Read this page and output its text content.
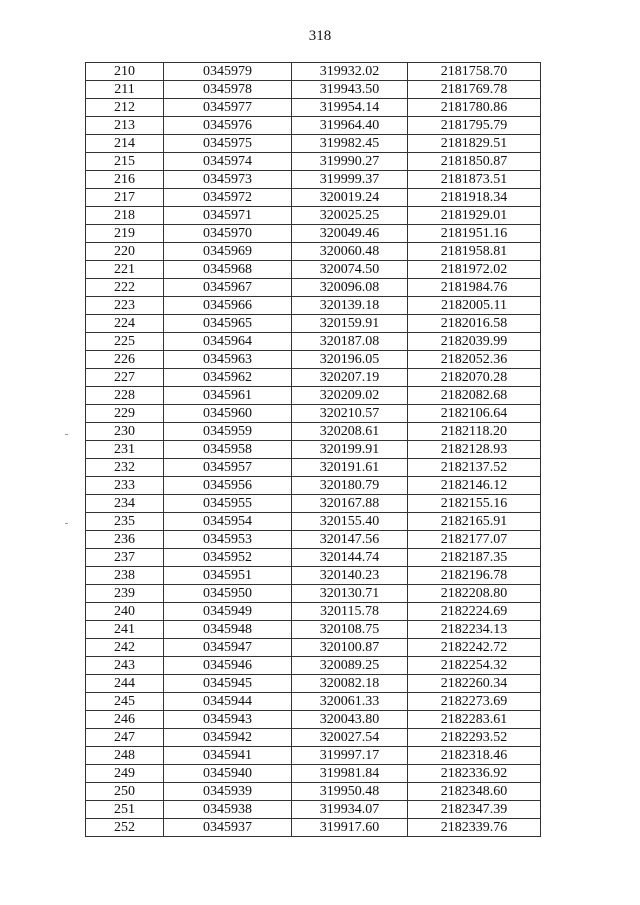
318
210	0345979	319932.02	2181758.70
211	0345978	319943.50	2181769.78
212	0345977	319954.14	2181780.86
213	0345976	319964.40	2181795.79
214	0345975	319982.45	2181829.51
215	0345974	319990.27	2181850.87
216	0345973	319999.37	2181873.51
217	0345972	320019.24	2181918.34
218	0345971	320025.25	2181929.01
219	0345970	320049.46	2181951.16
220	0345969	320060.48	2181958.81
221	0345968	320074.50	2181972.02
222	0345967	320096.08	2181984.76
223	0345966	320139.18	2182005.11
224	0345965	320159.91	2182016.58
225	0345964	320187.08	2182039.99
226	0345963	320196.05	2182052.36
227	0345962	320207.19	2182070.28
228	0345961	320209.02	2182082.68
229	0345960	320210.57	2182106.64
230	0345959	320208.61	2182118.20
231	0345958	320199.91	2182128.93
232	0345957	320191.61	2182137.52
233	0345956	320180.79	2182146.12
234	0345955	320167.88	2182155.16
235	0345954	320155.40	2182165.91
236	0345953	320147.56	2182177.07
237	0345952	320144.74	2182187.35
238	0345951	320140.23	2182196.78
239	0345950	320130.71	2182208.80
240	0345949	320115.78	2182224.69
241	0345948	320108.75	2182234.13
242	0345947	320100.87	2182242.72
243	0345946	320089.25	2182254.32
244	0345945	320082.18	2182260.34
245	0345944	320061.33	2182273.69
246	0345943	320043.80	2182283.61
247	0345942	320027.54	2182293.52
248	0345941	319997.17	2182318.46
249	0345940	319981.84	2182336.92
250	0345939	319950.48	2182348.60
251	0345938	319934.07	2182347.39
252	0345937	319917.60	2182339.76
